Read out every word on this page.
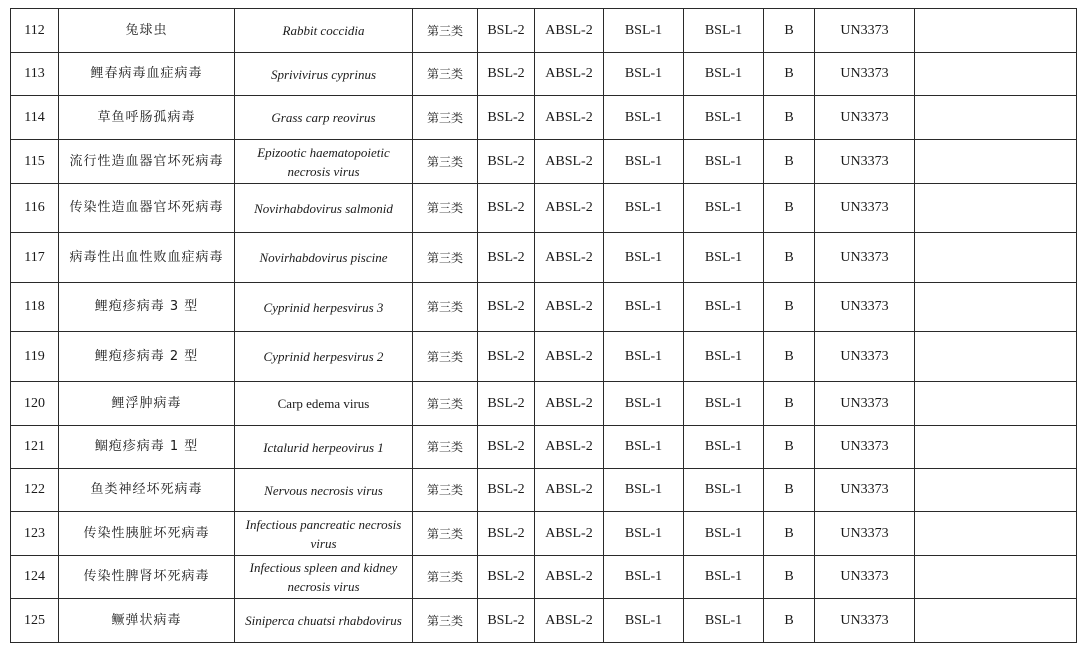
112	兔球虫	Rabbit coccidia	第三类	BSL-2	ABSL-2	BSL-1	BSL-1	B	UN3373	
113	鲤春病毒血症病毒	Sprivivirus cyprinus	第三类	BSL-2	ABSL-2	BSL-1	BSL-1	B	UN3373	
114	草鱼呼肠孤病毒	Grass carp reovirus	第三类	BSL-2	ABSL-2	BSL-1	BSL-1	B	UN3373	
115	流行性造血器官坏死病毒	Epizootic haematopoietic necrosis virus	第三类	BSL-2	ABSL-2	BSL-1	BSL-1	B	UN3373	
116	传染性造血器官坏死病毒	Novirhabdovirus salmonid	第三类	BSL-2	ABSL-2	BSL-1	BSL-1	B	UN3373	
117	病毒性出血性败血症病毒	Novirhabdovirus piscine	第三类	BSL-2	ABSL-2	BSL-1	BSL-1	B	UN3373	
118	鲤疱疹病毒 3 型	Cyprinid herpesvirus 3	第三类	BSL-2	ABSL-2	BSL-1	BSL-1	B	UN3373	
119	鲤疱疹病毒 2 型	Cyprinid herpesvirus 2	第三类	BSL-2	ABSL-2	BSL-1	BSL-1	B	UN3373	
120	鲤浮肿病毒	Carp edema virus	第三类	BSL-2	ABSL-2	BSL-1	BSL-1	B	UN3373	
121	鲴疱疹病毒 1 型	Ictalurid herpeovirus 1	第三类	BSL-2	ABSL-2	BSL-1	BSL-1	B	UN3373	
122	鱼类神经坏死病毒	Nervous necrosis virus	第三类	BSL-2	ABSL-2	BSL-1	BSL-1	B	UN3373	
123	传染性胰脏坏死病毒	Infectious pancreatic necrosis virus	第三类	BSL-2	ABSL-2	BSL-1	BSL-1	B	UN3373	
124	传染性脾肾坏死病毒	Infectious spleen and kidney necrosis virus	第三类	BSL-2	ABSL-2	BSL-1	BSL-1	B	UN3373	
125	鳜弹状病毒	Siniperca chuatsi rhabdovirus	第三类	BSL-2	ABSL-2	BSL-1	BSL-1	B	UN3373	
